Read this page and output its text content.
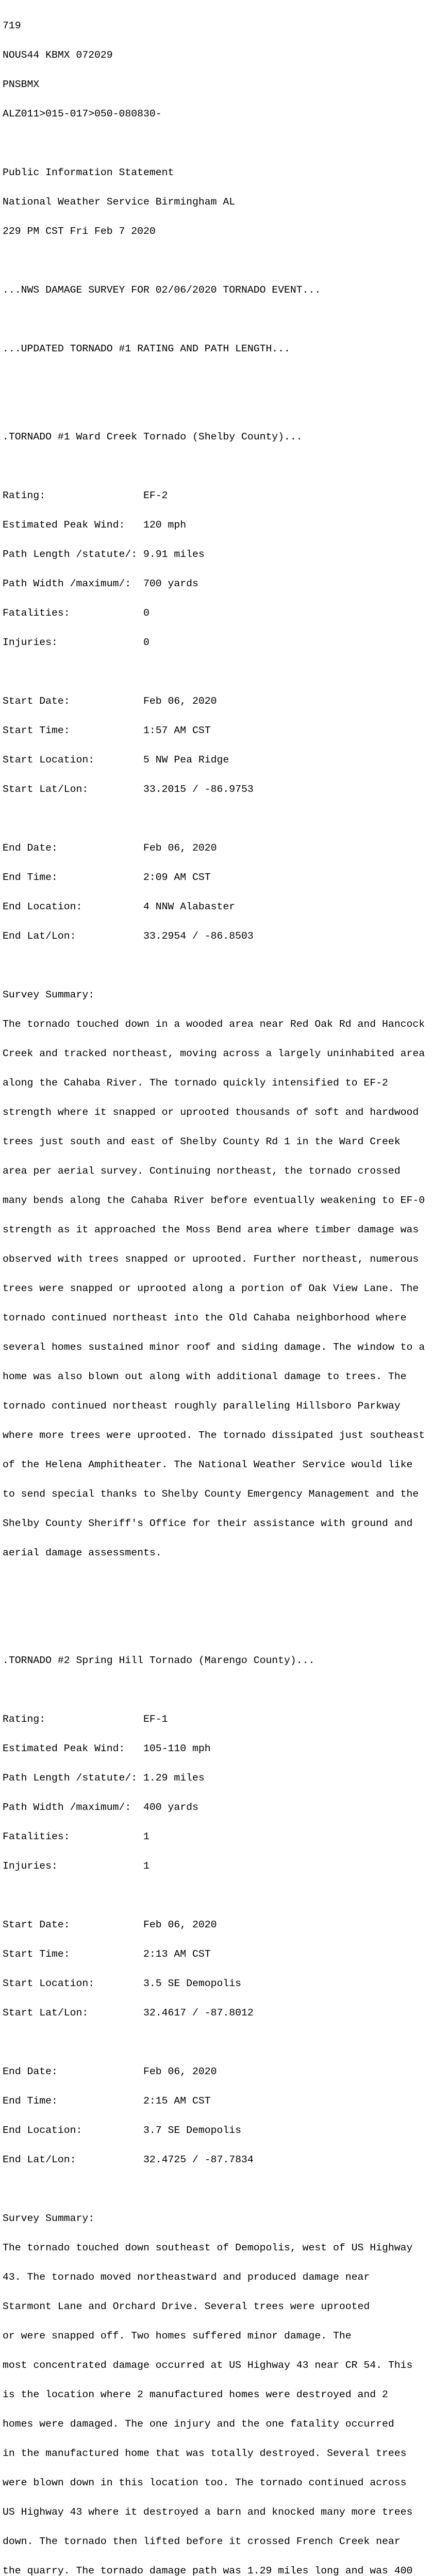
719

NOUS44 KBMX 072029

PNSBMX

ALZ011>015-017>050-080830-

Public Information Statement

National Weather Service Birmingham AL

229 PM CST Fri Feb 7 2020

...NWS DAMAGE SURVEY FOR 02/06/2020 TORNADO EVENT...

...UPDATED TORNADO #1 RATING AND PATH LENGTH...

.TORNADO #1 Ward Creek Tornado (Shelby County)...

Rating:                EF-2

Estimated Peak Wind:   120 mph

Path Length /statute/: 9.91 miles

Path Width /maximum/:  700 yards

Fatalities:            0

Injuries:              0

Start Date:            Feb 06, 2020

Start Time:            1:57 AM CST

Start Location:        5 NW Pea Ridge

Start Lat/Lon:         33.2015 / -86.9753

End Date:              Feb 06, 2020

End Time:              2:09 AM CST

End Location:          4 NNW Alabaster

End Lat/Lon:           33.2954 / -86.8503

Survey Summary:

The tornado touched down in a wooded area near Red Oak Rd and Hancock

Creek and tracked northeast, moving across a largely uninhabited area

along the Cahaba River. The tornado quickly intensified to EF-2

strength where it snapped or uprooted thousands of soft and hardwood

trees just south and east of Shelby County Rd 1 in the Ward Creek

area per aerial survey. Continuing northeast, the tornado crossed

many bends along the Cahaba River before eventually weakening to EF-0

strength as it approached the Moss Bend area where timber damage was

observed with trees snapped or uprooted. Further northeast, numerous

trees were snapped or uprooted along a portion of Oak View Lane. The

tornado continued northeast into the Old Cahaba neighborhood where

several homes sustained minor roof and siding damage. The window to a

home was also blown out along with additional damage to trees. The

tornado continued northeast roughly paralleling Hillsboro Parkway

where more trees were uprooted. The tornado dissipated just southeast

of the Helena Amphitheater. The National Weather Service would like

to send special thanks to Shelby County Emergency Management and the

Shelby County Sheriff's Office for their assistance with ground and

aerial damage assessments.

.TORNADO #2 Spring Hill Tornado (Marengo County)...

Rating:                EF-1

Estimated Peak Wind:   105-110 mph

Path Length /statute/: 1.29 miles

Path Width /maximum/:  400 yards

Fatalities:            1

Injuries:              1

Start Date:            Feb 06, 2020

Start Time:            2:13 AM CST

Start Location:        3.5 SE Demopolis

Start Lat/Lon:         32.4617 / -87.8012

End Date:              Feb 06, 2020

End Time:              2:15 AM CST

End Location:          3.7 SE Demopolis

End Lat/Lon:           32.4725 / -87.7834

Survey Summary:

The tornado touched down southeast of Demopolis, west of US Highway

43. The tornado moved northeastward and produced damage near

Starmont Lane and Orchard Drive. Several trees were uprooted

or were snapped off. Two homes suffered minor damage. The

most concentrated damage occurred at US Highway 43 near CR 54. This

is the location where 2 manufactured homes were destroyed and 2

homes were damaged. The one injury and the one fatality occurred

in the manufactured home that was totally destroyed. Several trees

were blown down in this location too. The tornado continued across

US Highway 43 where it destroyed a barn and knocked many more trees

down. The tornado then lifted before it crossed French Creek near

the quarry. The tornado damage path was 1.29 miles long and was 400
